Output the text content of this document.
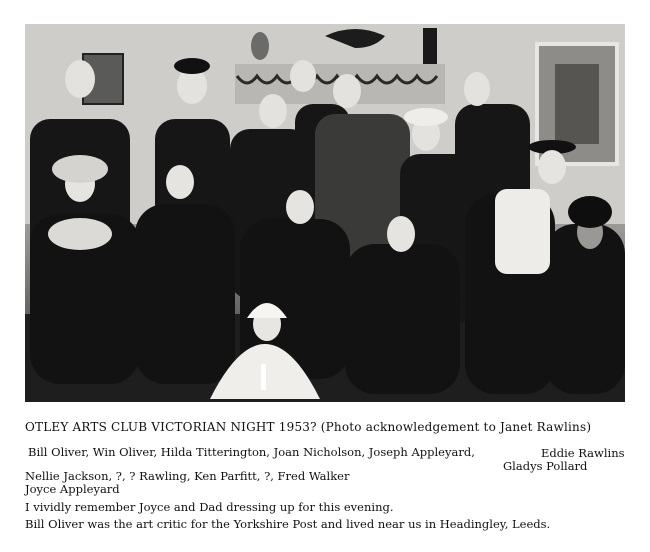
OTLEY ARTS CLUB VICTORIAN NIGHT 1953? (Photo acknowledgement to Janet Rawlins)
Bill Oliver, Win Oliver, Hilda Titterington, Joan Nicholson, Joseph Appleyard,	Eddie Rawlins
Gladys Pollard
Nellie Jackson, ?, ? Rawling, Ken Parfitt, ?, Fred Walker
Joyce Appleyard
I vividly remember Joyce and Dad dressing up for this evening.
Bill Oliver was the art critic for the Yorkshire Post and lived near us in Headingley, Leeds.
